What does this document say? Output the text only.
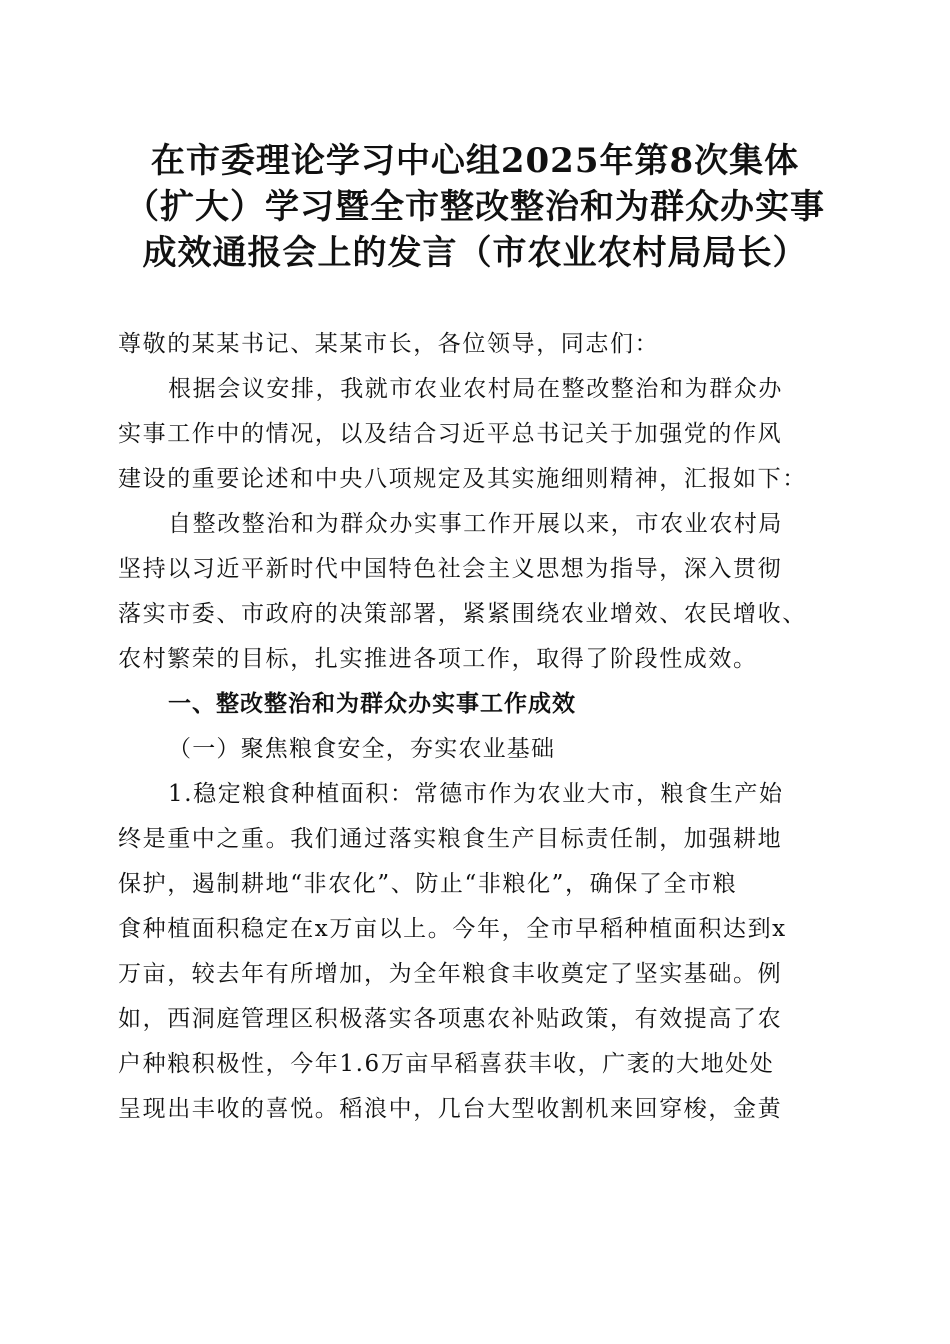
在市委理论学习中心组2025年第8次集体
（扩大）学习暨全市整改整治和为群众办实事
成效通报会上的发言（市农业农村局局长）
尊敬的某某书记、某某市长，各位领导，同志们：
根据会议安排，我就市农业农村局在整改整治和为群众办
实事工作中的情况，以及结合习近平总书记关于加强党的作风
建设的重要论述和中央八项规定及其实施细则精神，汇报如下：
自整改整治和为群众办实事工作开展以来，市农业农村局
坚持以习近平新时代中国特色社会主义思想为指导，深入贯彻
落实市委、市政府的决策部署，紧紧围绕农业增效、农民增收、
农村繁荣的目标，扎实推进各项工作，取得了阶段性成效。
一、整改整治和为群众办实事工作成效
（一）聚焦粮食安全，夯实农业基础
1.稳定粮食种植面积：常德市作为农业大市，粮食生产始
终是重中之重。我们通过落实粮食生产目标责任制，加强耕地
保护，遏制耕地“非农化”、防止“非粮化”，确保了全市粮
食种植面积稳定在x万亩以上。今年，全市早稻种植面积达到x
万亩，较去年有所增加，为全年粮食丰收奠定了坚实基础。例
如，西洞庭管理区积极落实各项惠农补贴政策，有效提高了农
户种粮积极性，今年1.6万亩早稻喜获丰收，广袤的大地处处
呈现出丰收的喜悦。稻浪中，几台大型收割机来回穿梭，金黄
